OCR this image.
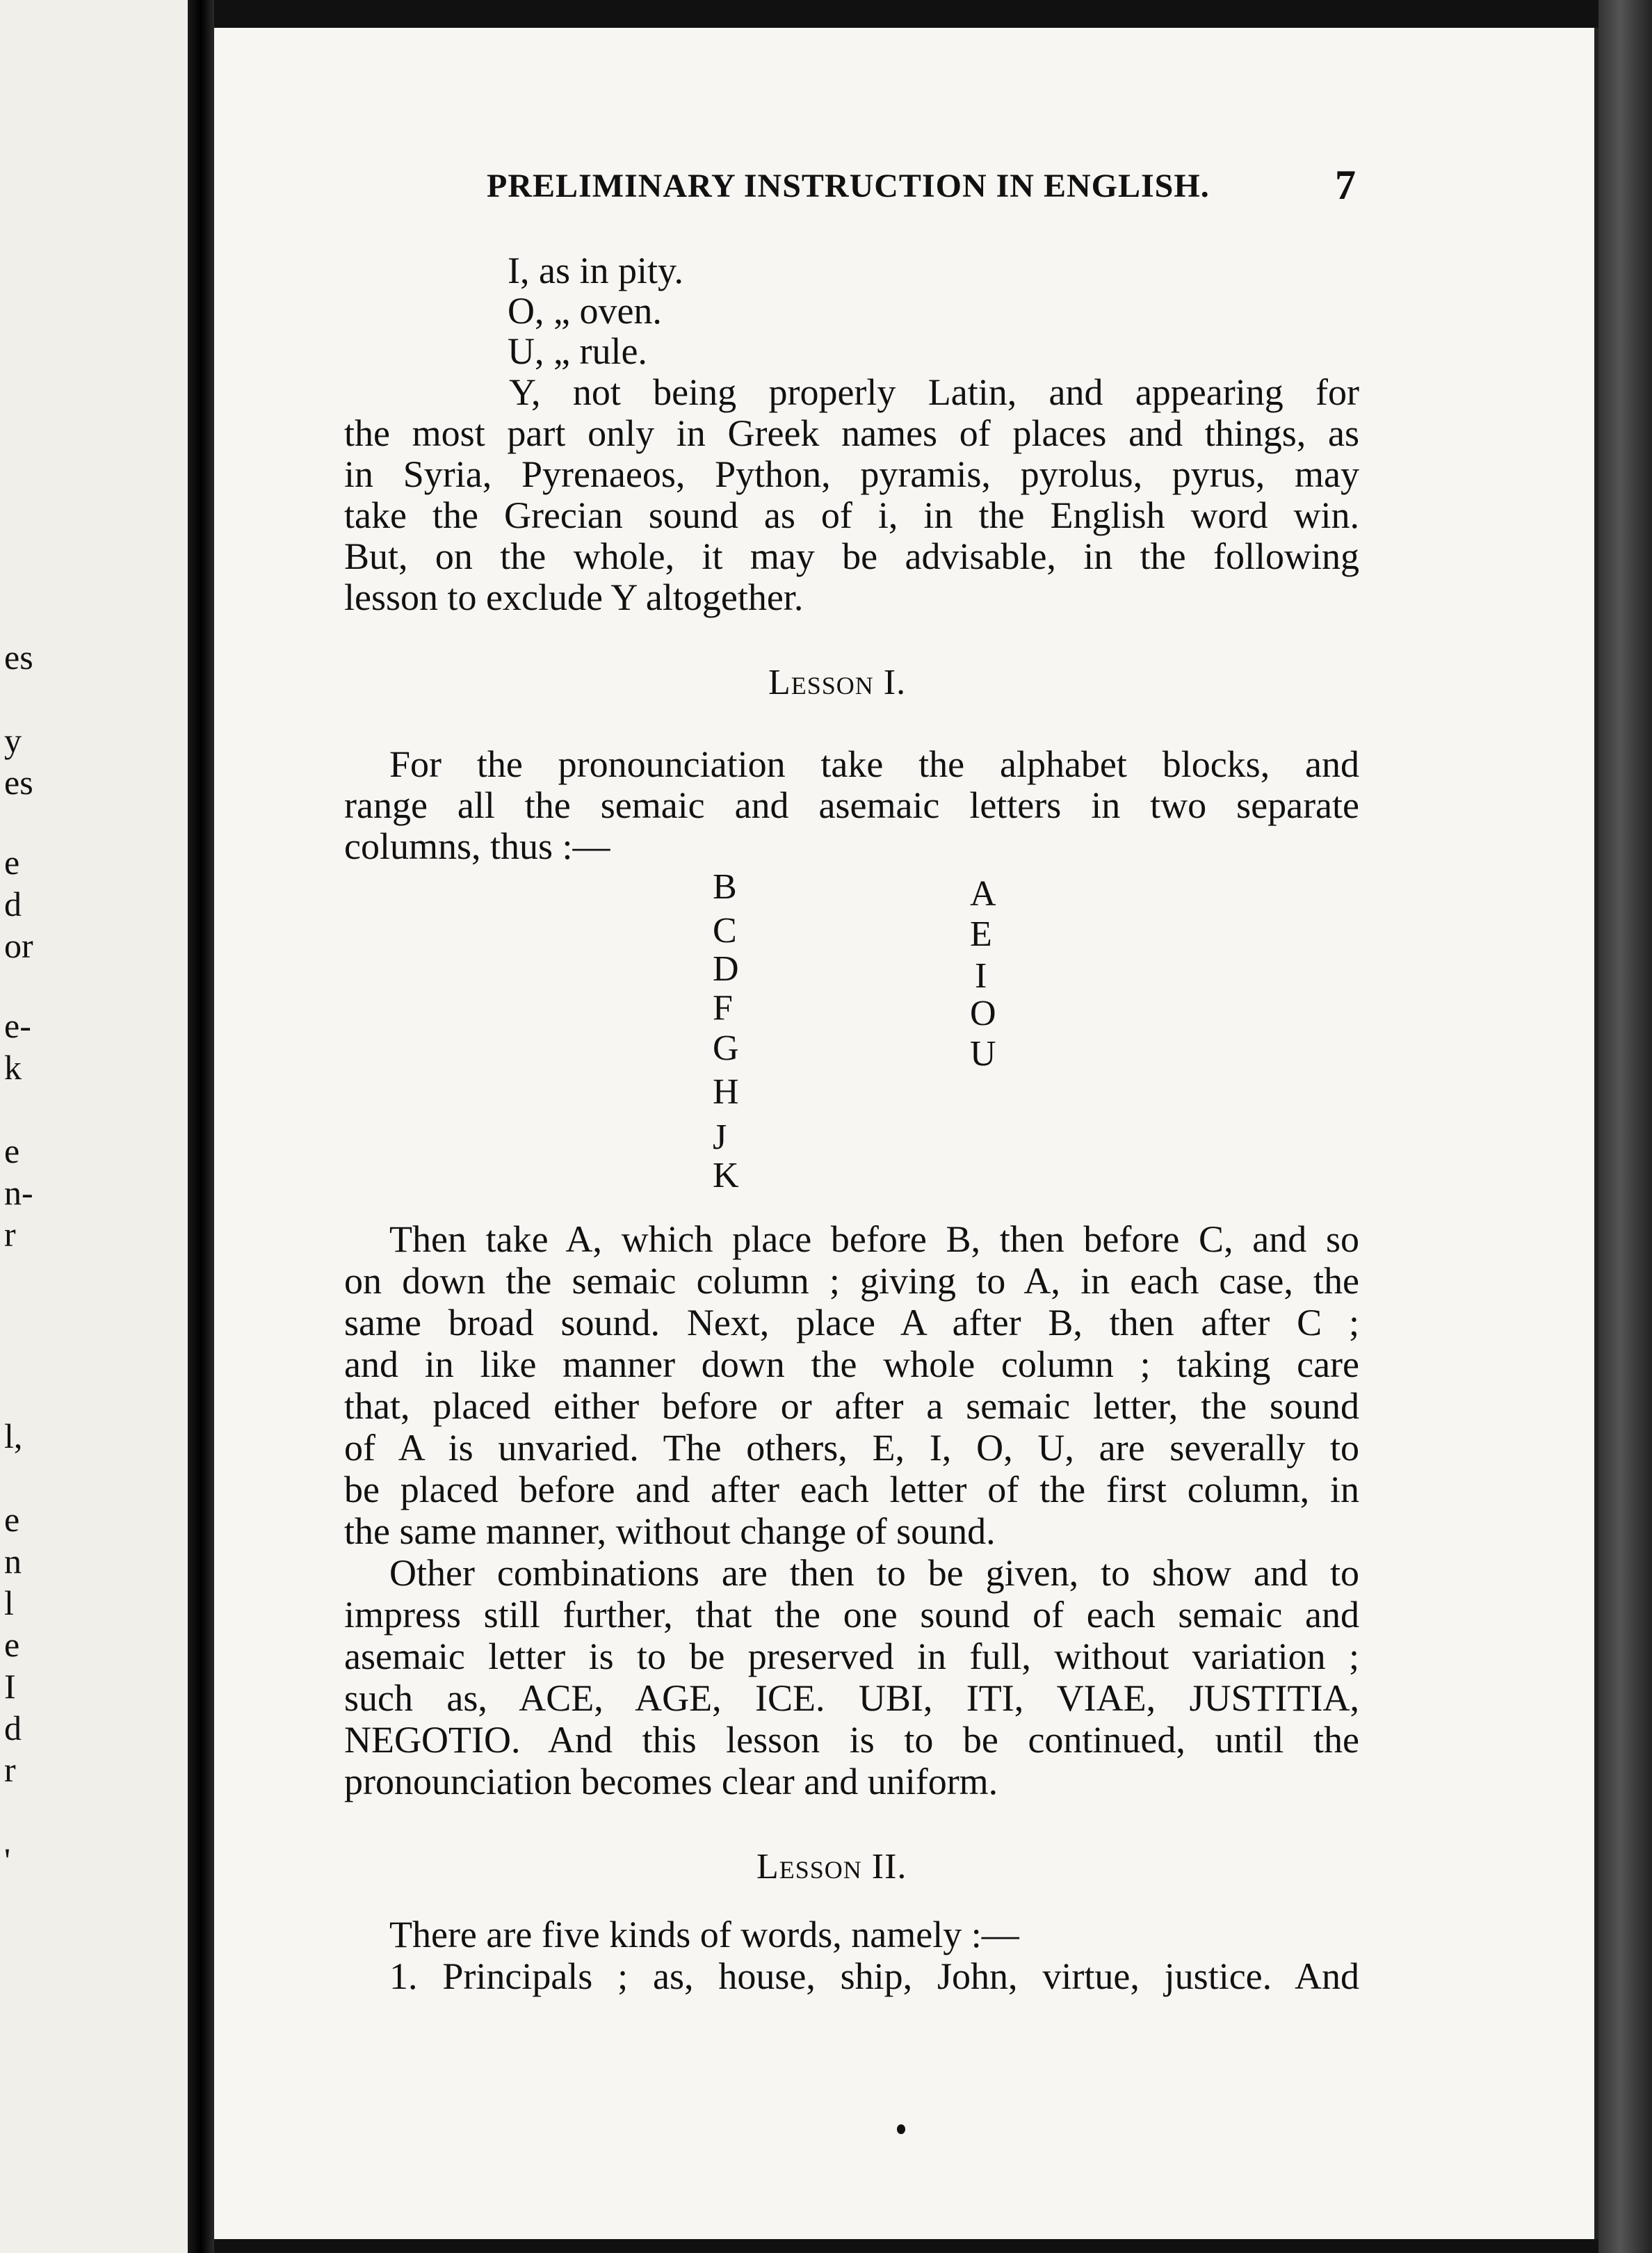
es
y
es
e
d
or
e-
k
e
n-
r
l,
e
n
l
e
I
d
r
'
PRELIMINARY INSTRUCTION IN ENGLISH.	7
I, as in pity.
O, „ oven.
U, „ rule.
Y, not being properly Latin, and appearing for
the most part only in Greek names of places and things, as
in Syria, Pyrenaeos, Python, pyramis, pyrolus, pyrus, may
take the Grecian sound as of i, in the English word win.
But, on the whole, it may be advisable, in the following
lesson to exclude Y altogether.
Lesson I.
For the pronounciation take the alphabet blocks, and
range all the semaic and asemaic letters in two separate
columns, thus :—
B
C
D
F
G
H
J
K
A
E
I
O
U
Then take A, which place before B, then before C, and so
on down the semaic column ; giving to A, in each case, the
same broad sound. Next, place A after B, then after C ;
and in like manner down the whole column ; taking care
that, placed either before or after a semaic letter, the sound
of A is unvaried. The others, E, I, O, U, are severally to
be placed before and after each letter of the first column, in
the same manner, without change of sound.
Other combinations are then to be given, to show and to
impress still further, that the one sound of each semaic and
asemaic letter is to be preserved in full, without variation ;
such as, ACE, AGE, ICE. UBI, ITI, VIAE, JUSTITIA,
NEGOTIO. And this lesson is to be continued, until the
pronounciation becomes clear and uniform.
Lesson II.
There are five kinds of words, namely :—
1. Principals ; as, house, ship, John, virtue, justice. And
